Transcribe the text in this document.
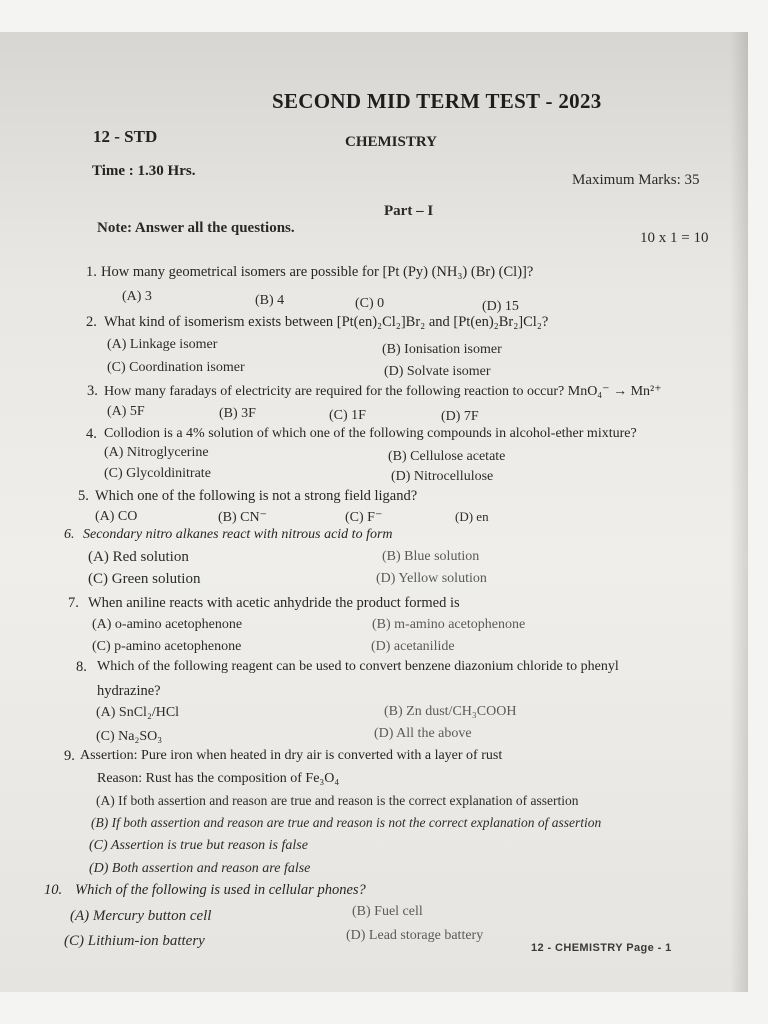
SECOND MID TERM TEST - 2023
12 - STD	CHEMISTRY
Time : 1.30 Hrs.
Maximum Marks: 35
Part – I
Note: Answer all the questions.
10 x 1 = 10
1. How many geometrical isomers are possible for [Pt (Py) (NH₃) (Br) (Cl)]?
(A) 3	(B) 4	(C) 0	(D) 15
2. What kind of isomerism exists between [Pt(en)₂Cl₂]Br₂ and [Pt(en)₂Br₂]Cl₂?
(A) Linkage isomer	(B) Ionisation isomer
(C) Coordination isomer	(D) Solvate isomer
3. How many faradays of electricity are required for the following reaction to occur? MnO₄⁻ → Mn²⁺
(A) 5F	(B) 3F	(C) 1F	(D) 7F
4. Collodion is a 4% solution of which one of the following compounds in alcohol-ether mixture?
(A) Nitroglycerine	(B) Cellulose acetate
(C) Glycoldinitrate	(D) Nitrocellulose
5. Which one of the following is not a strong field ligand?
(A) CO	(B) CN⁻	(C) F⁻	(D) en
6. Secondary nitro alkanes react with nitrous acid to form
(A) Red solution	(B) Blue solution
(C) Green solution	(D) Yellow solution
7. When aniline reacts with acetic anhydride the product formed is
(A) o-amino acetophenone	(B) m-amino acetophenone
(C) p-amino acetophenone	(D) acetanilide
8. Which of the following reagent can be used to convert benzene diazonium chloride to phenyl
hydrazine?
(A) SnCl₂/HCl	(B) Zn dust/CH₃COOH
(C) Na₂SO₃	(D) All the above
9. Assertion: Pure iron when heated in dry air is converted with a layer of rust
Reason: Rust has the composition of Fe₃O₄
(A) If both assertion and reason are true and reason is the correct explanation of assertion
(B) If both assertion and reason are true and reason is not the correct explanation of assertion
(C) Assertion is true but reason is false
(D) Both assertion and reason are false
10. Which of the following is used in cellular phones?
(A) Mercury button cell	(B) Fuel cell
(C) Lithium-ion battery	(D) Lead storage battery
12 - CHEMISTRY Page - 1
